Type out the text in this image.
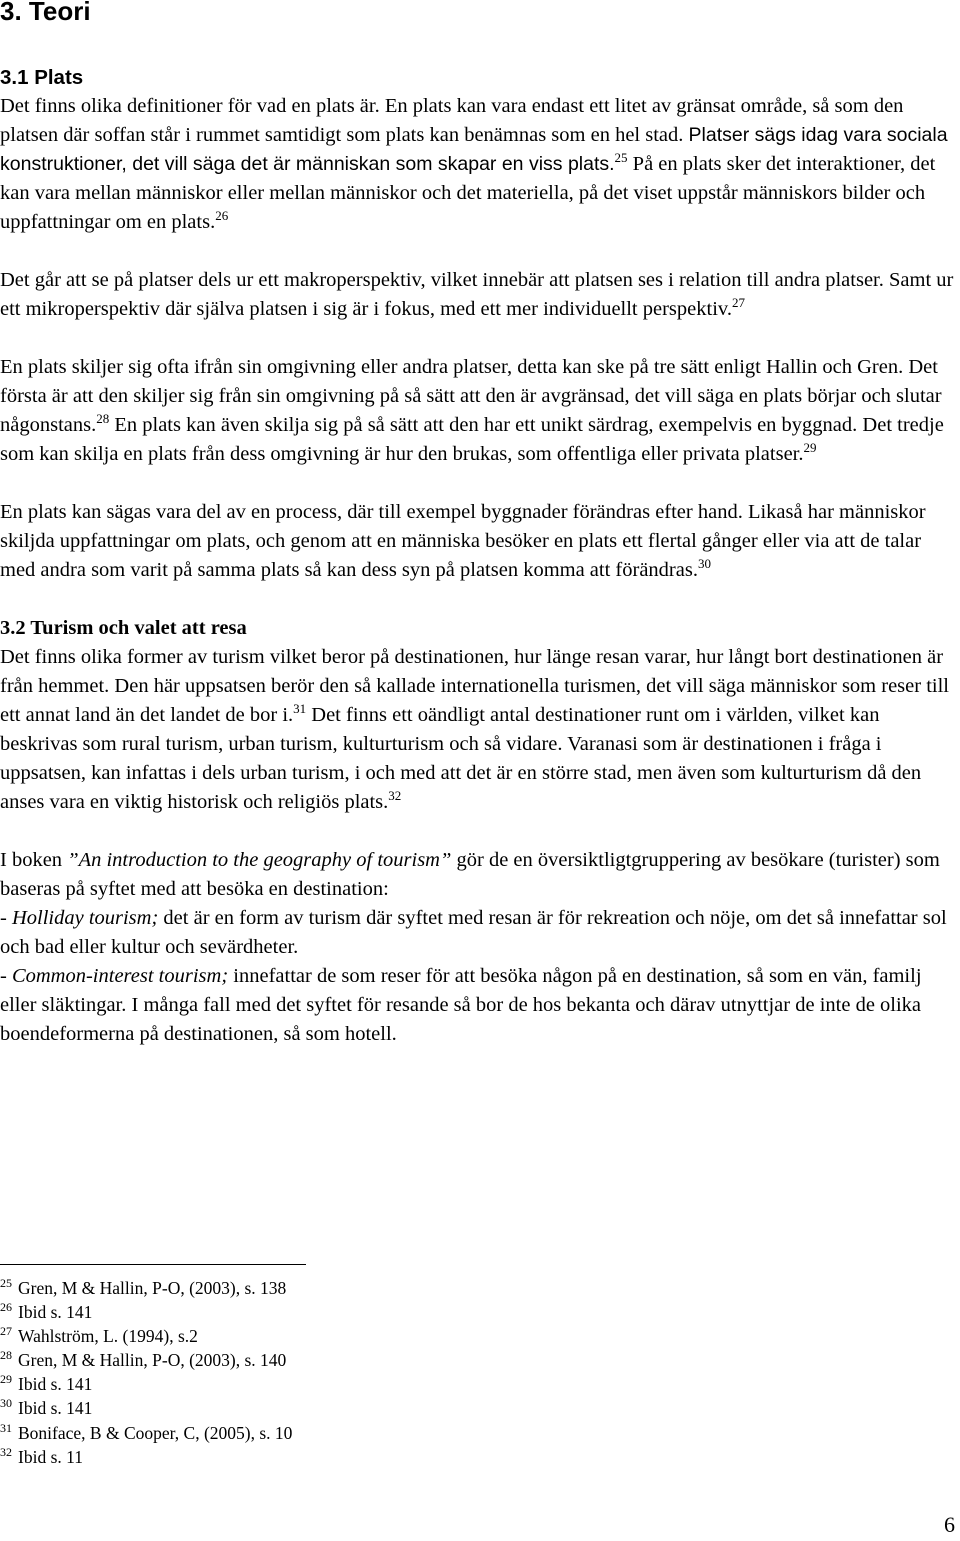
3. Teori
3.1 Plats

Det finns olika definitioner för vad en plats är. En plats kan vara endast ett litet av gränsat område, så som den platsen där soffan står i rummet samtidigt som plats kan benämnas som en hel stad. Platser sägs idag vara sociala konstruktioner, det vill säga det är människan som skapar en viss plats.$^{25}$ På en plats sker det interaktioner, det kan vara mellan människor eller mellan människor och det materiella, på det viset uppstår människors bilder och uppfattningar om en plats.$^{26}$

Det går att se på platser dels ur ett makroperspektiv, vilket innebär att platsen ses i relation till andra platser. Samt ur ett mikroperspektiv där själva platsen i sig är i fokus, med ett mer individuellt perspektiv.$^{27}$

En plats skiljer sig ofta ifrån sin omgivning eller andra platser, detta kan ske på tre sätt enligt Hallin och Gren. Det första är att den skiljer sig från sin omgivning på så sätt att den är avgränsad, det vill säga en plats börjar och slutar någonstans.$^{28}$ En plats kan även skilja sig på så sätt att den har ett unikt särdrag, exempelvis en byggnad. Det tredje som kan skilja en plats från dess omgivning är hur den brukas, som offentliga eller privata platser.$^{29}$

En plats kan sägas vara del av en process, där till exempel byggnader förändras efter hand. Likaså har människor skiljda uppfattningar om plats, och genom att en människa besöker en plats ett flertal gånger eller via att de talar med andra som varit på samma plats så kan dess syn på platsen komma att förändras.$^{30}$

3.2 Turism och valet att resa

Det finns olika former av turism vilket beror på destinationen, hur länge resan varar, hur långt bort destinationen är från hemmet. Den här uppsatsen berör den så kallade internationella turismen, det vill säga människor som reser till ett annat land än det landet de bor i.$^{31}$ Det finns ett oändligt antal destinationer runt om i världen, vilket kan beskrivas som rural turism, urban turism, kulturturism och så vidare. Varanasi som är destinationen i fråga i uppsatsen, kan infattas i dels urban turism, i och med att det är en större stad, men även som kulturturism då den anses vara en viktig historisk och religiös plats.$^{32}$

I boken ”An introduction to the geography of tourism” gör de en översiktligtgruppering av besökare (turister) som baseras på syftet med att besöka en destination:

- Holliday tourism; det är en form av turism där syftet med resan är för rekreation och nöje, om det så innefattar sol och bad eller kultur och sevärdheter.

- Common-interest tourism; innefattar de som reser för att besöka någon på en destination, så som en vän, familj eller släktingar. I många fall med det syftet för resande så bor de hos bekanta och därav utnyttjar de inte de olika boendeformerna på destinationen, så som hotell.

$^{25}$ Gren, M & Hallin, P-O, (2003), s. 138
$^{26}$ Ibid s. 141
$^{27}$ Wahlström, L. (1994), s.2
$^{28}$ Gren, M & Hallin, P-O, (2003), s. 140
$^{29}$ Ibid s. 141
$^{30}$ Ibid s. 141
$^{31}$ Boniface, B & Cooper, C, (2005), s. 10
$^{32}$ Ibid s. 11
6
